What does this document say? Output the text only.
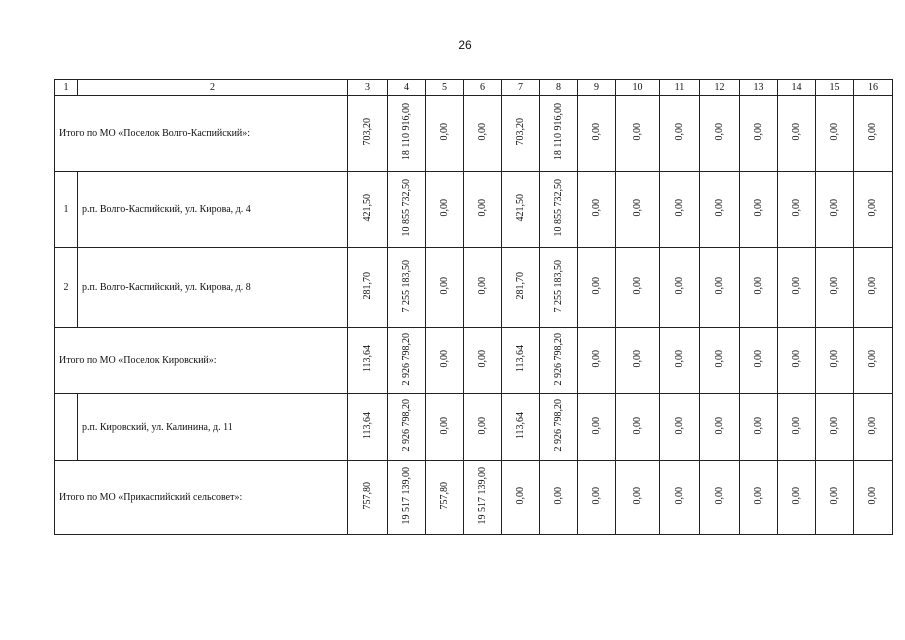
26
1	2	3	4	5	6	7	8	9	10	11	12	13	14	15	16
Итого по МО «Поселок Волго-Каспийский»:		703,20	18 110 916,00	0,00	0,00	703,20	18 110 916,00	0,00	0,00	0,00	0,00	0,00	0,00	0,00	0,00
1	р.п. Волго-Каспийский, ул. Кирова, д. 4	421,50	10 855 732,50	0,00	0,00	421,50	10 855 732,50	0,00	0,00	0,00	0,00	0,00	0,00	0,00	0,00
2	р.п. Волго-Каспийский, ул. Кирова, д. 8	281,70	7 255 183,50	0,00	0,00	281,70	7 255 183,50	0,00	0,00	0,00	0,00	0,00	0,00	0,00	0,00
Итого по МО «Поселок Кировский»:		113,64	2 926 798,20	0,00	0,00	113,64	2 926 798,20	0,00	0,00	0,00	0,00	0,00	0,00	0,00	0,00
	р.п. Кировский, ул. Калинина, д. 11	113,64	2 926 798,20	0,00	0,00	113,64	2 926 798,20	0,00	0,00	0,00	0,00	0,00	0,00	0,00	0,00
Итого по МО «Прикаспийский сельсовет»:		757,80	19 517 139,00	757,80	19 517 139,00	0,00	0,00	0,00	0,00	0,00	0,00	0,00	0,00	0,00	0,00
